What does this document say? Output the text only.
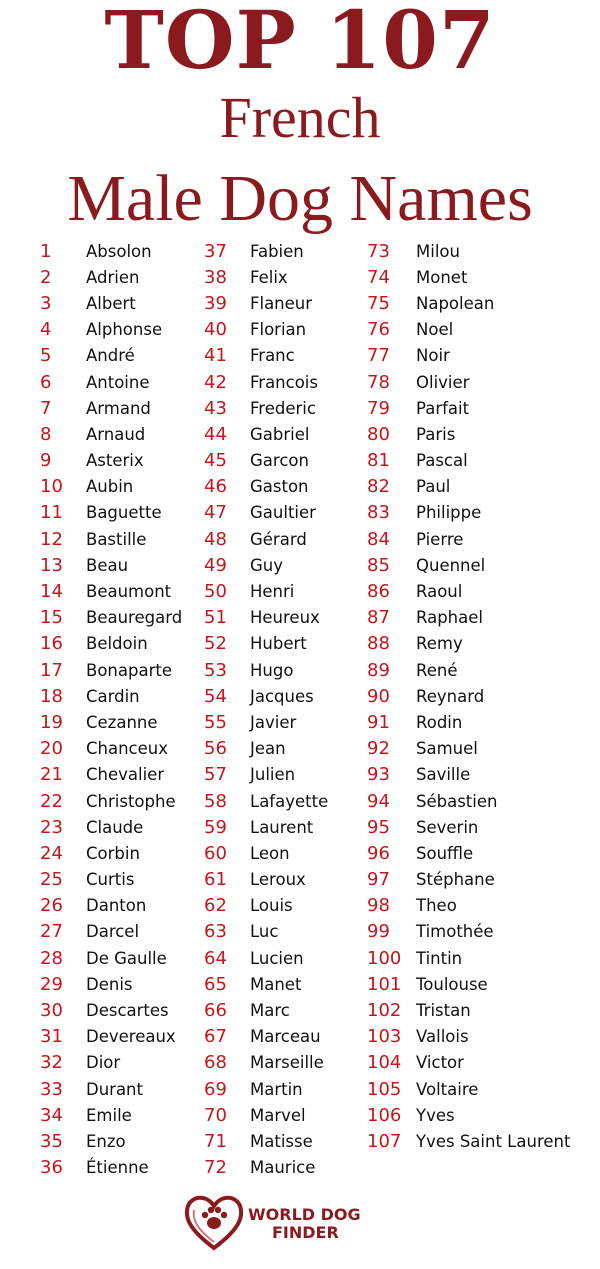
TOP 107
French
Male Dog Names
1	Absolon
2	Adrien
3	Albert
4	Alphonse
5	André
6	Antoine
7	Armand
8	Arnaud
9	Asterix
10	Aubin
11	Baguette
12	Bastille
13	Beau
14	Beaumont
15	Beauregard
16	Beldoin
17	Bonaparte
18	Cardin
19	Cezanne
20	Chanceux
21	Chevalier
22	Christophe
23	Claude
24	Corbin
25	Curtis
26	Danton
27	Darcel
28	De Gaulle
29	Denis
30	Descartes
31	Devereaux
32	Dior
33	Durant
34	Emile
35	Enzo
36	Étienne
37	Fabien
38	Felix
39	Flaneur
40	Florian
41	Franc
42	Francois
43	Frederic
44	Gabriel
45	Garcon
46	Gaston
47	Gaultier
48	Gérard
49	Guy
50	Henri
51	Heureux
52	Hubert
53	Hugo
54	Jacques
55	Javier
56	Jean
57	Julien
58	Lafayette
59	Laurent
60	Leon
61	Leroux
62	Louis
63	Luc
64	Lucien
65	Manet
66	Marc
67	Marceau
68	Marseille
69	Martin
70	Marvel
71	Matisse
72	Maurice
73	Milou
74	Monet
75	Napolean
76	Noel
77	Noir
78	Olivier
79	Parfait
80	Paris
81	Pascal
82	Paul
83	Philippe
84	Pierre
85	Quennel
86	Raoul
87	Raphael
88	Remy
89	René
90	Reynard
91	Rodin
92	Samuel
93	Saville
94	Sébastien
95	Severin
96	Souffle
97	Stéphane
98	Theo
99	Timothée
100 Tintin
101 Toulouse
102 Tristan
103 Vallois
104 Victor
105 Voltaire
106 Yves
107 Yves Saint Laurent
WORLD DOG
FINDER
